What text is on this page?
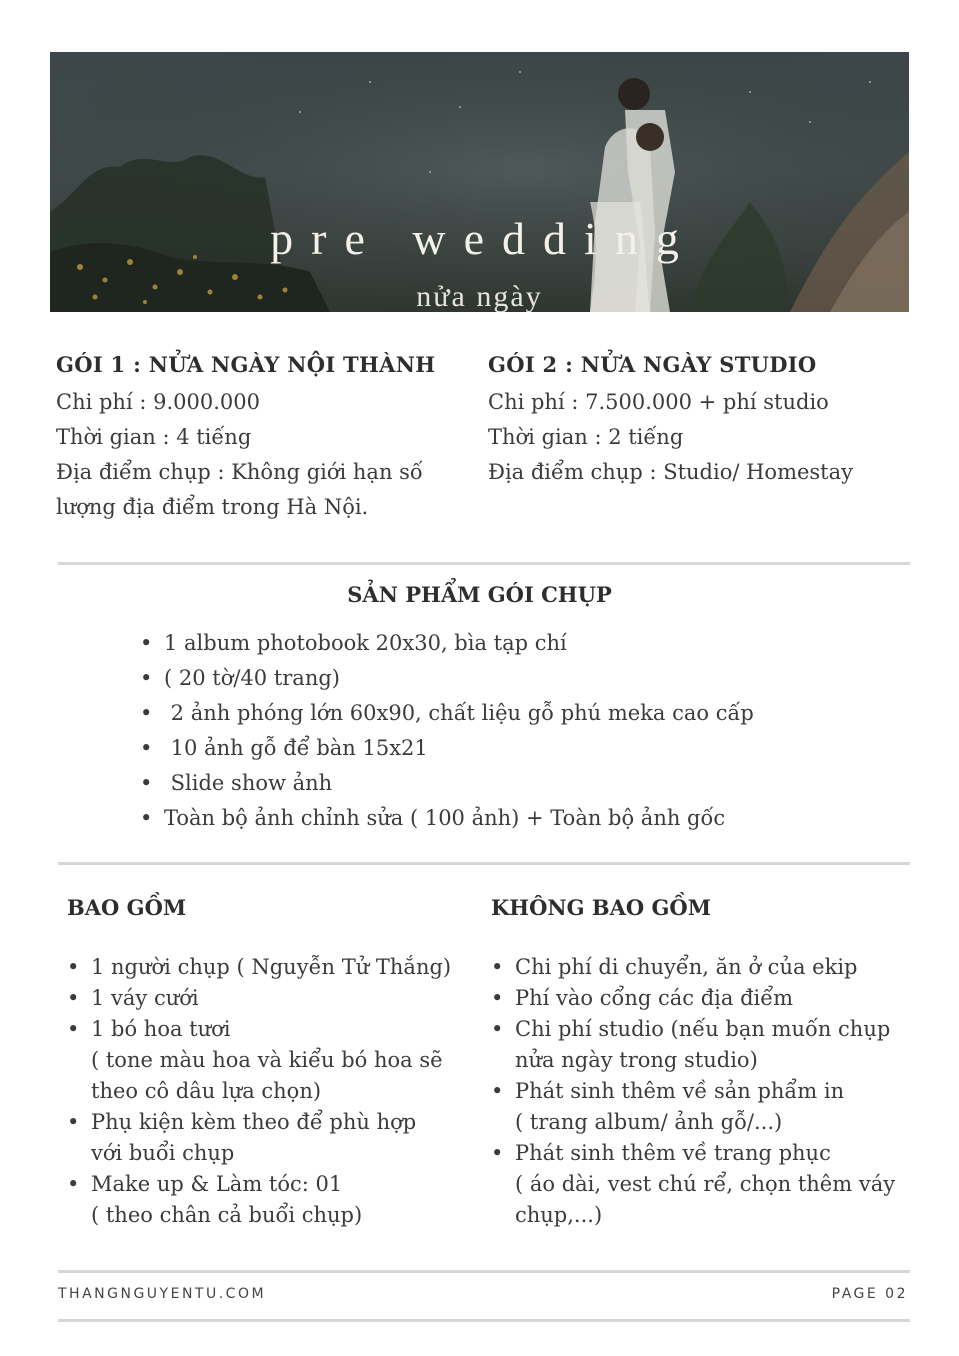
pre wedding
nửa ngày
GÓI 1 : NỬA NGÀY NỘI THÀNH

Chi phí : 9.000.000

Thời gian : 4 tiếng

Địa điểm chụp : Không giới hạn số

lượng địa điểm trong Hà Nội.

GÓI 2 : NỬA NGÀY STUDIO

Chi phí : 7.500.000 + phí studio

Thời gian : 2 tiếng

Địa điểm chụp : Studio/ Homestay

SẢN PHẨM GÓI CHỤP
• 1 album photobook 20x30, bìa tạp chí
• ( 20 tờ/40 trang)
•  2 ảnh phóng lớn 60x90, chất liệu gỗ phú meka cao cấp
•  10 ảnh gỗ để bàn 15x21
•  Slide show ảnh
• Toàn bộ ảnh chỉnh sửa ( 100 ảnh) + Toàn bộ ảnh gốc
BAO GỒM
• 1 người chụp ( Nguyễn Tử Thắng)
• 1 váy cưới
• 1 bó hoa tươi
( tone màu hoa và kiểu bó hoa sẽ
theo cô dâu lựa chọn)
• Phụ kiện kèm theo để phù hợp
với buổi chụp
• Make up & Làm tóc: 01
( theo chân cả buổi chụp)
KHÔNG BAO GỒM
• Chi phí di chuyển, ăn ở của ekip
• Phí vào cổng các địa điểm
• Chi phí studio (nếu bạn muốn chụp
nửa ngày trong studio)
• Phát sinh thêm về sản phẩm in
( trang album/ ảnh gỗ/...)
• Phát sinh thêm về trang phục
( áo dài, vest chú rể, chọn thêm váy
chụp,...)
THANGNGUYENTU.COM	PAGE 02
